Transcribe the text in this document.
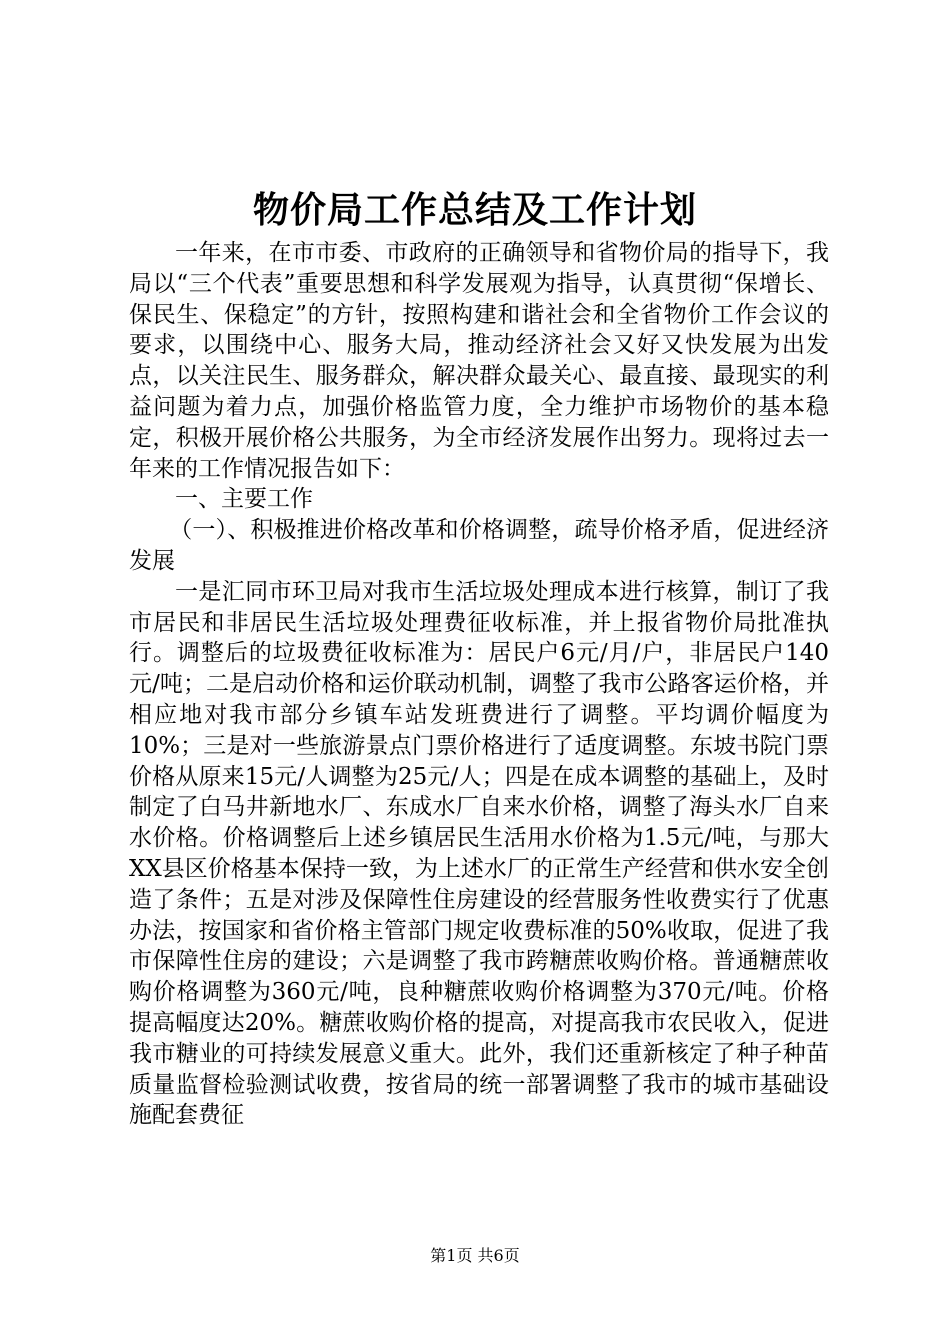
物价局工作总结及工作计划

一年来，在市市委、市政府的正确领导和省物价局的指导下，我局以“三个代表”重要思想和科学发展观为指导，认真贯彻“保增长、保民生、保稳定”的方针，按照构建和谐社会和全省物价工作会议的要求，以围绕中心、服务大局，推动经济社会又好又快发展为出发点，以关注民生、服务群众，解决群众最关心、最直接、最现实的利益问题为着力点，加强价格监管力度，全力维护市场物价的基本稳定，积极开展价格公共服务，为全市经济发展作出努力。现将过去一年来的工作情况报告如下：

一、主要工作

（一）、积极推进价格改革和价格调整，疏导价格矛盾，促进经济发展

一是汇同市环卫局对我市生活垃圾处理成本进行核算，制订了我市居民和非居民生活垃圾处理费征收标准，并上报省物价局批准执行。调整后的垃圾费征收标准为：居民户6元/月/户，非居民户140元/吨；二是启动价格和运价联动机制，调整了我市公路客运价格，并相应地对我市部分乡镇车站发班费进行了调整。平均调价幅度为10%；三是对一些旅游景点门票价格进行了适度调整。东坡书院门票价格从原来15元/人调整为25元/人；四是在成本调整的基础上，及时制定了白马井新地水厂、东成水厂自来水价格，调整了海头水厂自来水价格。价格调整后上述乡镇居民生活用水价格为1.5元/吨，与那大XX县区价格基本保持一致，为上述水厂的正常生产经营和供水安全创造了条件；五是对涉及保障性住房建设的经营服务性收费实行了优惠办法，按国家和省价格主管部门规定收费标准的50%收取，促进了我市保障性住房的建设；六是调整了我市跨糖蔗收购价格。普通糖蔗收购价格调整为360元/吨，良种糖蔗收购价格调整为370元/吨。价格提高幅度达20%。糖蔗收购价格的提高，对提高我市农民收入，促进我市糖业的可持续发展意义重大。此外，我们还重新核定了种子种苗质量监督检验测试收费，按省局的统一部署调整了我市的城市基础设施配套费征

第1页 共6页
